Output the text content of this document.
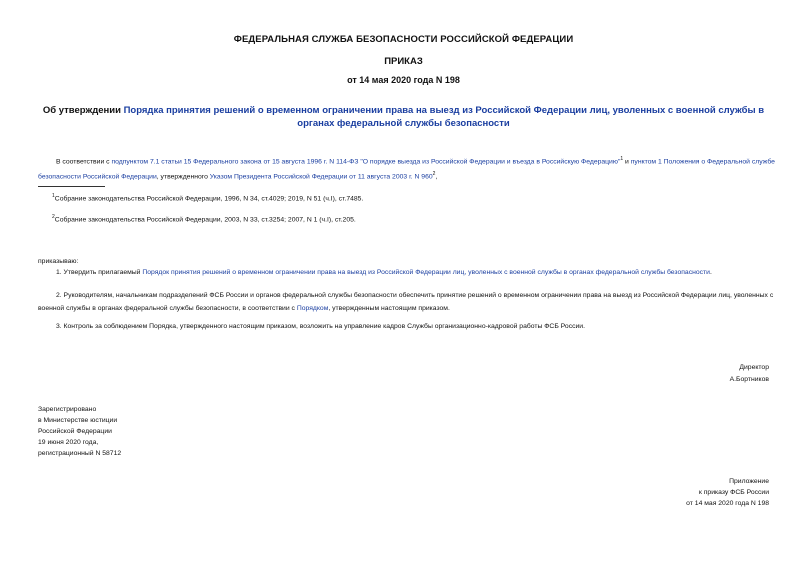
ФЕДЕРАЛЬНАЯ СЛУЖБА БЕЗОПАСНОСТИ РОССИЙСКОЙ ФЕДЕРАЦИИ
ПРИКАЗ
от 14 мая 2020 года N 198
Об утверждении Порядка принятия решений о временном ограничении права на выезд из Российской Федерации лиц, уволенных с военной службы в органах федеральной службы безопасности
В соответствии с подпунктом 7.1 статьи 15 Федерального закона от 15 августа 1996 г. N 114-ФЗ "О порядке выезда из Российской Федерации и въезда в Российскую Федерацию"$^1$ и пунктом 1 Положения о Федеральной службе безопасности Российской Федерации, утвержденного Указом Президента Российской Федерации от 11 августа 2003 г. N $960^2$,
$^1$Собрание законодательства Российской Федерации, 1996, N 34, ст.4029; 2019, N 51 (ч.I), ст.7485.
$^2$Собрание законодательства Российской Федерации, 2003, N 33, ст.3254; 2007, N 1 (ч.I), ст.205.
приказываю:
1. Утвердить прилагаемый Порядок принятия решений о временном ограничении права на выезд из Российской Федерации лиц, уволенных с военной службы в органах федеральной службы безопасности.
2. Руководителям, начальникам подразделений ФСБ России и органов федеральной службы безопасности обеспечить принятие решений о временном ограничении права на выезд из Российской Федерации лиц, уволенных с военной службы в органах федеральной службы безопасности, в соответствии с Порядком, утвержденным настоящим приказом.
3. Контроль за соблюдением Порядка, утвержденного настоящим приказом, возложить на управление кадров Службы организационно-кадровой работы ФСБ России.
Директор
А.Бортников
Зарегистрировано
в Министерстве юстиции
Российской Федерации
19 июня 2020 года,
регистрационный N 58712
Приложение
к приказу ФСБ России
от 14 мая 2020 года N 198
